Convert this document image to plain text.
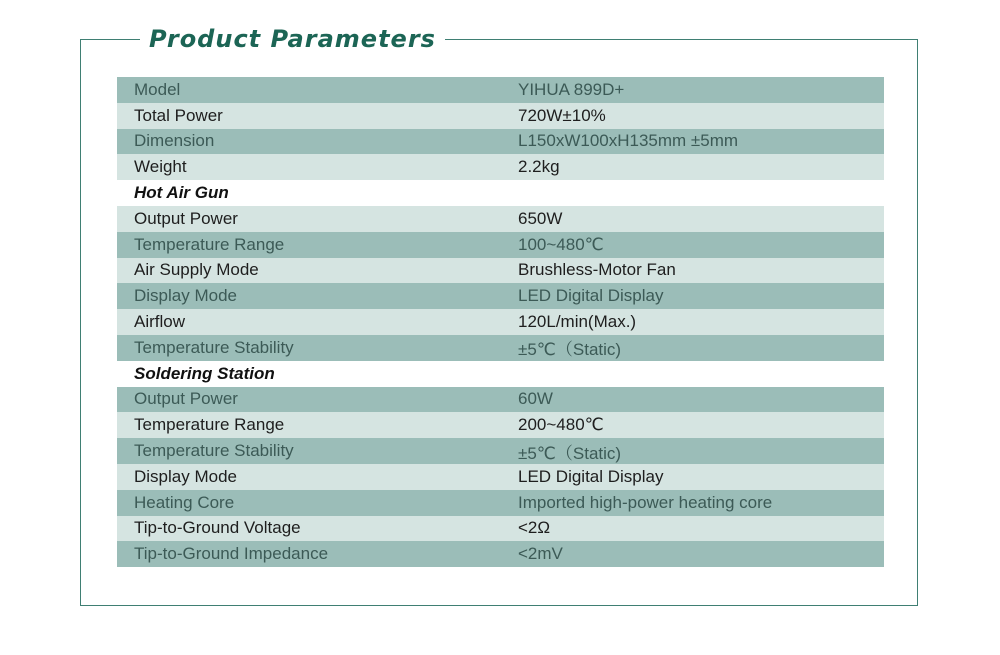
Product Parameters
Model	YIHUA 899D+
Total Power	720W±10%
Dimension	L150xW100xH135mm ±5mm
Weight	2.2kg
Hot Air Gun
Output Power	650W
Temperature Range	100~480℃
Air Supply Mode	Brushless-Motor Fan
Display Mode	LED Digital Display
Airflow	120L/min(Max.)
Temperature Stability	±5℃（Static)
Soldering Station
Output Power	60W
Temperature Range	200~480℃
Temperature Stability	±5℃（Static)
Display Mode	LED Digital Display
Heating Core	Imported high-power heating core
Tip-to-Ground Voltage	<2Ω
Tip-to-Ground Impedance	<2mV
